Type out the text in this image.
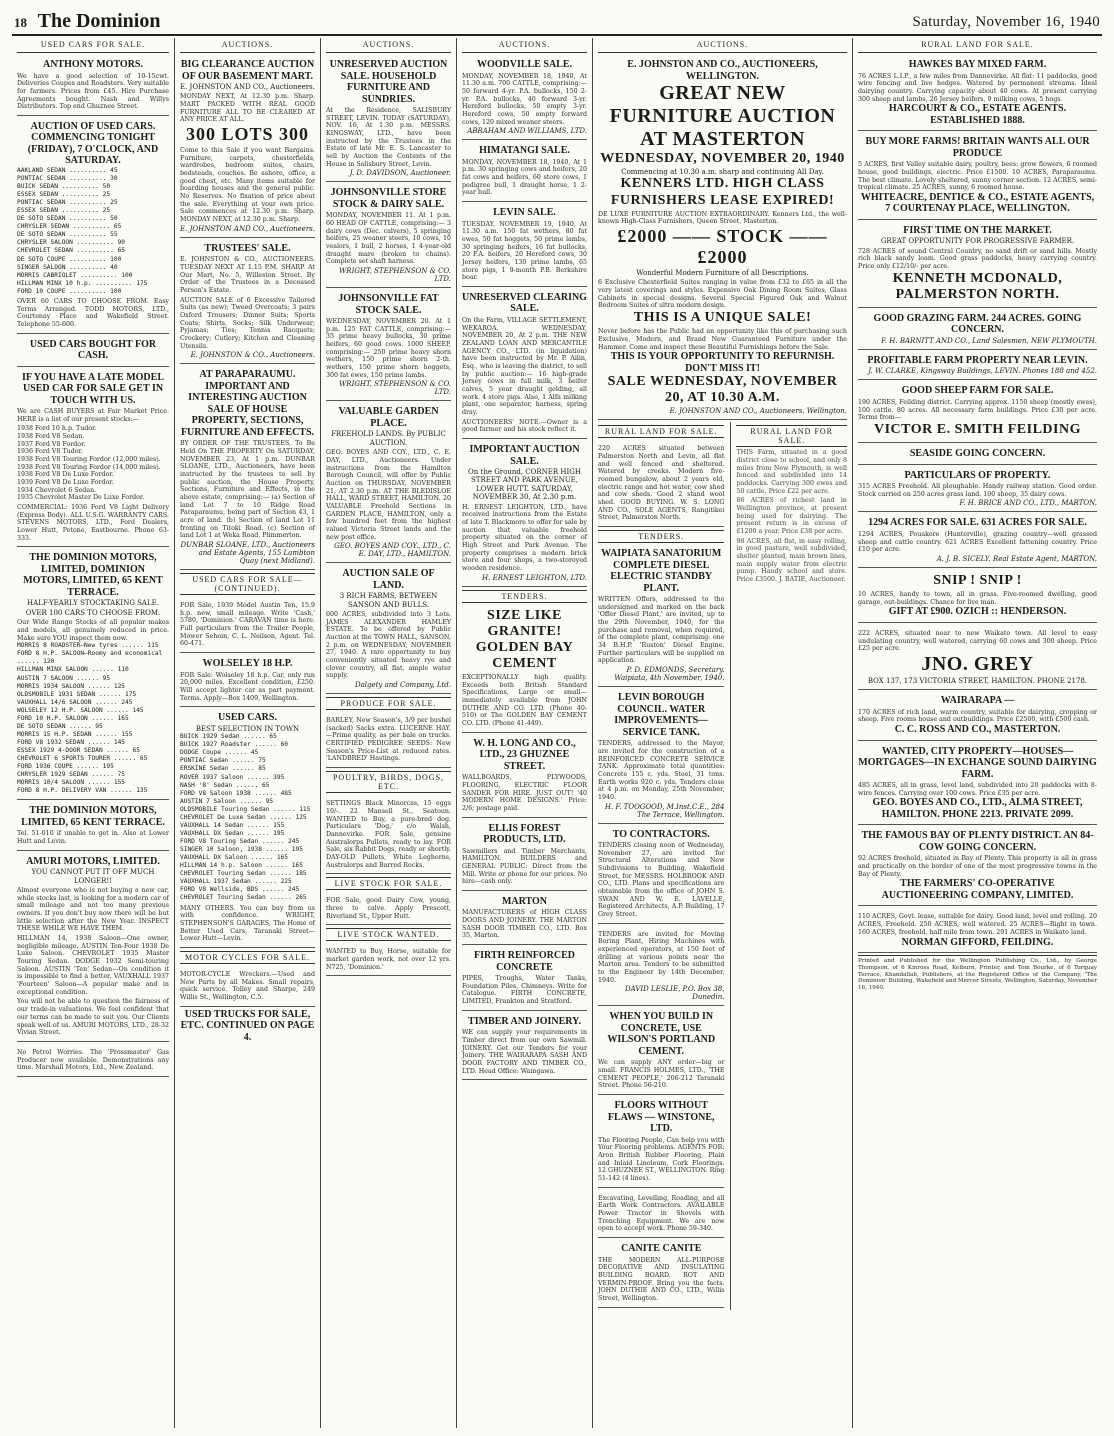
18 The Dominion	Saturday, November 16, 1940
USED CARS FOR SALE.
ANTHONY MOTORS.
We have a good selection of 10-15cwt. Deliveries Coupes and Roadsters. Very suitable for farmers. Prices from £45. Hire Purchase Agreements bought. Nash and Willys Distributors. Top end Ghuznee Street.
AUCTION OF USED CARS. COMMENCING TONIGHT (FRIDAY), 7 O'CLOCK, AND SATURDAY.
AAKLAND SEDAN .......... 45
PONTIAC SEDAN .......... 30
BUICK SEDAN .......... 50
ESSEX SEDAN .......... 25
PONTIAC SEDAN .......... 25
ESSEX SEDAN .......... 25
DE SOTO SEDAN .......... 50
CHRYSLER SEDAN .......... 65
DE SOTO SEDAN .......... 55
CHRYSLER SALOON .......... 90
CHEVROLET SEDAN .......... 65
DE SOTO COUPE .......... 100
SINGER SALOON .......... 40
MORRIS CABRIOLET .......... 100
HILLMAN MINX 10 h.p. .......... 175
FORD 10 COUPE .......... 100
OVER 60 CARS TO CHOOSE FROM. Easy Terms Arranged. TODD MOTORS, LTD., Courtenay Place and Wakefield Street. Telephone 55-600.
USED CARS BOUGHT FOR CASH.
IF YOU HAVE A LATE MODEL USED CAR FOR SALE GET IN TOUCH WITH US.
We are CASH BUYERS at Fair Market Price. HERE is a list of our present stocks:—
1938 Ford 10 h.p. Tudor.
1938 Ford V8 Sedan.
1937 Ford V8 Fordor.
1936 Ford V8 Tudor.
1938 Ford V8 Touring Fordor (12,000 miles).
1938 Ford V8 Touring Fordor (14,000 miles).
1938 Ford V8 De Luxe Fordor.
1939 Ford V8 De Luxe Fordor.
1934 Chevrolet 6 Sedan.
1935 Chevrolet Master De Luxe Fordor.
COMMERCIAL: 1936 Ford V8 Light Delivery (Express Body). ALL U.S.G. WARRANTY CARS. STEVENS MOTORS, LTD., Ford Dealers, Lower Hutt, Petone, Eastbourne. Phone 63-333.
THE DOMINION MOTORS, LIMITED, DOMINION MOTORS, LIMITED, 65 KENT TERRACE.
HALF-YEARLY STOCKTAKING SALE.
OVER 100 CARS TO CHOOSE FROM.
Our Wide Range Stocks of all popular makes and models, all genuinely reduced in price. Make sure YOU inspect them now.
MORRIS 8 ROADSTER—New tyres ...... 115
FORD 8 H.P. SALOON—Roomy and economical ...... 120
HILLMAN MINX SALOON ...... 110
AUSTIN 7 SALOON ...... 95
MORRIS 1934 SALOON ...... 125
OLDSMOBILE 1931 SEDAN ...... 175
VAUXHALL 14/6 SALOON ...... 245
WOLSELEY 12 H.P. SALOON ...... 145
FORD 10 H.P. SALOON ...... 165
DE SOTO SEDAN ...... 95
MORRIS 15 H.P. SEDAN ...... 155
FORD V8 1932 SEDAN ...... 145
ESSEX 1929 4-DOOR SEDAN ...... 65
CHEVROLET 6 SPORTS TOURER ...... 65
FORD 1936 COUPE ...... 195
CHRYSLER 1929 SEDAN ...... 75
MORRIS 10/4 SALOON ...... 155
FORD 8 H.P. DELIVERY VAN ...... 135
THE DOMINION MOTORS, LIMITED, 65 KENT TERRACE.
Tel. 51-010 if unable to get in. Also at Lower Hutt and Levin.
AMURI MOTORS, LIMITED.
YOU CANNOT PUT IT OFF MUCH LONGER!!
Almost everyone who is not buying a new car, while stocks last, is looking for a modern car of small mileage and not too many previous owners. If you don't buy now there will be but little selection after the New Year. INSPECT THESE WHILE WE HAVE THEM.
HILLMAN 14, 1938 Saloon—One owner, negligible mileage. AUSTIN Ten-Four 1938 De Luxe Saloon. CHEVROLET 1935 Master Touring Sedan. DODGE 1932 Semi-touring Saloon. AUSTIN 'Ten' Sedan—On condition it is impossible to find a better. VAUXHALL 1937 'Fourteen' Saloon—A popular make and in exceptional condition.
You will not be able to question the fairness of our trade-in valuations. We feel confident that our terms can be made to suit you. Our Clients speak well of us. AMURI MOTORS, LTD., 28-32 Vivian Street.
No Petrol Worries. The 'Prossmaster' Gas Producer now available. Demonstrations any time. Marshall Motors, Ltd., New Zealand.
AUCTIONS.
BIG CLEARANCE AUCTION OF OUR BASEMENT MART.
E. JOHNSTON AND CO., Auctioneers.
MONDAY NEXT, At 12.30 p.m. Sharp. MART PACKED WITH REAL GOOD FURNITURE ALL TO BE CLEARED AT ANY PRICE AT ALL.
300 LOTS 300
Come to this Sale if you want Bargains. Furniture, carpets, chesterfields, wardrobes, bedroom suites, chairs, bedsteads, couches. Be ashore, office, a good chest, etc. Many items suitable for boarding houses and the general public. No Reserves. No fixation of price about the sale. Everything at your own price. Sale commences at 12.30 p.m. Sharp. MONDAY NEXT, at 12.30 p.m. Sharp.
E. JOHNSTON AND CO., Auctioneers.
TRUSTEES' SALE.
E. JOHNSTON & CO., AUCTIONEERS. TUESDAY NEXT AT 1.15 P.M. SHARP. At Our Mart, No. 5, Willeston Street. By Order of the Trustees in a Deceased Person's Estate.
AUCTION SALE of 6 Excessive Tailored Suits (as new); Tweed Overcoats; 3 pairs Oxford Trousers; Dinner Suits; Sports Coats; Shirts, Socks; Silk Underwear; Pyjamas; Ties; Tennis Racquets; Crockery; Cutlery; Kitchen and Cleaning Utensils.
E. JOHNSTON & CO., Auctioneers.
AT PARAPARAUMU. IMPORTANT AND INTERESTING AUCTION SALE OF HOUSE PROPERTY, SECTIONS, FURNITURE AND EFFECTS.
BY ORDER OF THE TRUSTEES, To Be Held On THE PROPERTY On SATURDAY, NOVEMBER 23, At 1 p.m. DUNBAR SLOANE, LTD., Auctioneers, have been instructed by the trustees to sell by public auction, the House Property, Sections, Furniture and Effects, in the above estate, comprising:— (a) Section of land Lot 7 to 10 Ridge Road Paraparaumu, being part of Section 43, 1 acre of land. (b) Section of land Lot 11 fronting on Titoki Road. (c) Section of land Lot 1 at Weka Road, Plimmerton.
DUNBAR SLOANE, LTD., Auctioneers and Estate Agents, 155 Lambton Quay (next Midland).
USED CARS FOR SALE—(CONTINUED).
FOR Sale, 1939 Model Austin Ten, 15.9 h.p. new, small mileage. Write 'Cash,' 5780, 'Dominion.' CARAVAN time is here. Full particulars from the Trailer People, Mower Sehoin, C. L. Neilson, Agent. Tel. 60-471.
WOLSELEY 18 H.P.
FOR Sale: Wolseley 18 h.p. Car, only run 20,000 miles. Excellent condition, £250. Will accept lighter car as part payment. Terms. Apply—Box 1409, Wellington.
USED CARS.
BEST SELECTION IN TOWN
BUICK 1929 Sedan ...... 65
BUICK 1927 Roadster ...... 60
DODGE Coupe ...... 45
PONTIAC Sedan ...... 75
ERSKINE Sedan ...... 85
ROVER 1937 Saloon ...... 395
NASH '8' Sedan ...... 65
FORD V8 Saloon 1938 ...... 485
AUSTIN 7 Saloon ...... 95
OLDSMOBILE Touring Sedan ...... 115
CHEVROLET De Luxe Sedan ...... 125
VAUXHALL 14 Sedan ...... 155
VAUXHALL DX Sedan ...... 195
FORD V8 Touring Sedan ...... 245
SINGER 10 Saloon, 1938 ...... 195
VAUXHALL DX Saloon ...... 165
HILLMAN 14 h.p. Saloon ...... 165
CHEVROLET Touring Sedan ...... 185
VAUXHALL 1937 Sedan ...... 225
FORD V8 Wellside, BDS ...... 245
CHEVROLET Touring Sedan ...... 265
MANY OTHERS. You can buy from us with confidence. WRIGHT, STEPHENSON'S GARAGES, The Home of Better Used Cars, Taranaki Street—Lower Hutt—Levin.
MOTOR CYCLES FOR SALE.
MOTOR-CYCLE Wreckers.—Used and New Parts by all Makes. Small repairs, quick service. Tolley and Sharpe, 249 Willis St., Wellington, C.5.
USED TRUCKS FOR SALE, ETC. CONTINUED ON PAGE 4.
AUCTIONS.
UNRESERVED AUCTION SALE. HOUSEHOLD FURNITURE AND SUNDRIES.
At the Residence, SALISBURY STREET, LEVIN. TODAY (SATURDAY), NOV. 16, At 1.30 p.m. MESSRS. KINGSWAY, LTD., have been instructed by the Trustees in the Estate of late Mr. E. S. Lancaster to sell by Auction the Contents of the House in Salisbury Street, Levin.
J. D. DAVIDSON, Auctioneer.
JOHNSONVILLE STORE STOCK & DAIRY SALE.
MONDAY, NOVEMBER 11. At 1 p.m. 60 HEAD OF CATTLE, comprising:— 3 dairy cows (Dec. calvers), 5 springing heifers, 25 weaner steers, 10 cows, 10 vealers, 1 bull, 2 horses, 1 4-year-old draught mare (broken to chains). Complete set shaft harness.
WRIGHT, STEPHENSON & CO. LTD.
JOHNSONVILLE FAT STOCK SALE.
WEDNESDAY, NOVEMBER 20. At 1 p.m. 125 FAT CATTLE, comprising:— 35 prime heavy bullocks, 30 prime heifers, 60 good cows. 1000 SHEEP, comprising:— 250 prime heavy shorn wethers, 150 prime shorn 2-th. wethers, 150 prime shorn hoggets, 300 fat ewes, 150 prime lambs.
WRIGHT, STEPHENSON & CO. LTD.
VALUABLE GARDEN PLACE.
FREEHOLD LANDS. By PUBLIC AUCTION.
GEO. BOYES AND COY., LTD., C. E. DAY, LTD., Auctioneers. Under instructions from the Hamilton Borough Council, will offer by Public Auction on THURSDAY, NOVEMBER 21, AT 2.30 p.m. AT THE BLEDISLOE HALL, WARD STREET, HAMILTON. 20 VALUABLE Freehold Sections in GARDEN PLACE, HAMILTON, only a few hundred feet from the highest valued Victoria Street lands and the new post office.
GEO. BOYES AND COY., LTD., C. E. DAY, LTD., HAMILTON.
AUCTION SALE OF LAND.
3 RICH FARMS, BETWEEN SANSON AND BULLS.
600 ACRES, subdivided into 3 Lots. JAMES ALEXANDER HAMLEY ESTATE. To be offered by Public Auction at the TOWN HALL, SANSON, 2 p.m. on WEDNESDAY, NOVEMBER 27, 1940. A rare opportunity to buy conveniently situated heavy rye and clover country, all flat, ample water supply.
Dalgety and Company, Ltd.
PRODUCE FOR SALE.
BARLEY, New Season's, 3/9 per bushel (sacked) Sacks extra. LUCERNE HAY.—Prime quality, as per bale on trucks. CERTIFIED PEDIGREE SEEDS: New Season's Price-List at reduced rates. 'LANDBRED' Hastings.
POULTRY, BIRDS, DOGS, ETC.
SETTINGS Black Minorcas, 15 eggs 10/-. 22 Mansell St., Seatoun. WANTED to Buy, a pure-bred dog. Particulars 'Dog,' c/o Walsh, Dannevirke. FOR Sale, genuine Australorps Pullets, ready to lay. FOR Sale, six Rabbit Dogs, ready or shortly. DAY-OLD Pullets, White Leghorns, Australorps and Barred Rocks.
LIVE STOCK FOR SALE.
FOR Sale, good Dairy Cow, young, three to calve. Apply Prescott, Riverland St., Upper Hutt.
LIVE STOCK WANTED.
WANTED to Buy, Horse, suitable for market garden work, not over 12 yrs. N725, 'Dominion.'
AUCTIONS.
WOODVILLE SALE.
MONDAY, NOVEMBER 18, 1940, At 11.30 a.m. 700 CATTLE, comprising:— 50 forward 4-yr. P.A. bullocks, 150 2-yr. P.A. bullocks, 40 forward 3-yr. Hereford bullocks, 50 empty 3-yr. Hereford cows, 50 empty forward cows, 120 mixed weaner steers.
ABRAHAM AND WILLIAMS, LTD.
HIMATANGI SALE.
MONDAY, NOVEMBER 18, 1940, At 1 p.m. 30 springing cows and heifers, 20 fat cows and heifers, 60 store cows, 1 pedigree bull, 1 draught horse, 1 2-year bull.
LEVIN SALE.
TUESDAY, NOVEMBER 19, 1940, At 11.30 a.m. 150 fat wethers, 80 fat ewes, 50 fat hoggets, 50 prime lambs, 30 springing heifers, 16 fat bullocks, 20 F.A. heifers, 20 Hereford cows, 30 Jersey heifers, 130 prime lambs, 65 store pigs, 1 9-month P.B. Berkshire boar.
UNRESERVED CLEARING SALE.
On the Farm, VILLAGE SETTLEMENT, WEKAROA. WEDNESDAY, NOVEMBER 20, At 2 p.m. THE NEW ZEALAND LOAN AND MERCANTILE AGENCY CO., LTD. (in liquidation) have been instructed by Mr. P. Ailin, Esq., who is leaving the district, to sell by public auction:— 16 high-grade Jersey cows in full milk, 3 heifer calves, 5 year draught gelding, all work. 4 store pigs. Also, 1 Alfa milking plant, one separator, harness, spring dray.
AUCTIONEERS' NOTE.—Owner is a good farmer and his stock reflect it.
IMPORTANT AUCTION SALE.
On the Ground, CORNER HIGH STREET AND PARK AVENUE, LOWER HUTT. SATURDAY, NOVEMBER 30, At 2.30 p.m.
H. ERNEST LEIGHTON, LTD., have received instructions from the Estate of late T. Blackmore to offer for sale by auction that valuable freehold property situated on the corner of High Street and Park Avenue. The property comprises a modern brick store and four shops, a two-storeyed wooden residence.
H. ERNEST LEIGHTON, LTD.
TENDERS.
SIZE LIKE GRANITE! GOLDEN BAY CEMENT
EXCEPTIONALLY high quality. Exceeds both British Standard Specifications, Large or small—immediately available from JOHN DUTHIE AND CO. LTD. (Phone 40-510) or The GOLDEN BAY CEMENT CO. LTD. (Phone 41-449).
W. H. LONG AND CO., LTD., 23 GHUZNEE STREET.
WALLBOARDS, PLYWOODS, FLOORING, ELECTRIC FLOOR SANDER FOR HIRE. JUST OUT! '40 MODERN HOME DESIGNS.' Price: 2/6; postage paid.
ELLIS FOREST PRODUCTS, LTD.
Sawmillers and Timber Merchants, HAMILTON. BUILDERS and GENERAL PUBLIC: Direct from the Mill. Write or phone for our prices. No hire—cash only.
MARTON
MANUFACTURERS of HIGH CLASS DOORS AND JOINERY. THE MARTON SASH DOOR TIMBER CO., LTD. Box 35, Marton.
FIRTH REINFORCED CONCRETE
PIPES, Troughs, Water Tanks, Foundation Piles, Chimneys. Write for Catalogue. FIRTH CONCRETE, LIMITED, Frankton and Stratford.
TIMBER AND JOINERY.
WE can supply your requirements in Timber direct from our own Sawmill. JOINERY. Get our Tenders for your Joinery. THE WAIRARAPA SASH AND DOOR FACTORY AND TIMBER CO., LTD. Head Office: Waingawa.
AUCTIONS.
E. JOHNSTON AND CO., AUCTIONEERS, WELLINGTON.
GREAT NEW FURNITURE AUCTION AT MASTERTON
WEDNESDAY, NOVEMBER 20, 1940
Commencing at 10.30 a.m. sharp and continuing All Day.
KENNERS LTD. HIGH CLASS FURNISHERS LEASE EXPIRED!
DE LUXE FURNITURE AUCTION EXTRAORDINARY. Kenners Ltd., the well-known High-Class Furnishers, Queen Street, Masterton.
£2000 —— STOCK —— £2000
Wonderful Modern Furniture of all Descriptions.
6 Exclusive Chesterfield Suites ranging in value from £32 to £65 in all the very latest coverings and styles. Expensive Oak Dining Room Suites, Glass Cabinets in special designs. Several Special Figured Oak and Walnut Bedroom Suites of ultra modern design.
THIS IS A UNIQUE SALE!
Never before has the Public had an opportunity like this of purchasing such Exclusive, Modern, and Brand New Guaranteed Furniture under the Hammer. Come and inspect these Beautiful Furnishings before the Sale.
THIS IS YOUR OPPORTUNITY TO REFURNISH. DON'T MISS IT!
SALE WEDNESDAY, NOVEMBER 20, AT 10.30 A.M.
E. JOHNSTON AND CO., Auctioneers, Wellington.
RURAL LAND FOR SALE.
220 ACRES situated between Palmerston North and Levin, all flat and well fenced and sheltered. Watered by creeks. Modern five-roomed bungalow, about 2 years old, electric range and hot water, cow shed and cow sheds. Good 2 stand wool shed. GOOD BUYING. W. S. LONG AND CO., SOLE AGENTS, Rangitikei Street, Palmerston North.
TENDERS.
WAIPIATA SANATORIUM COMPLETE DIESEL ELECTRIC STANDBY PLANT.
WRITTEN Offers, addressed to the undersigned and marked on the back 'Offer Diesel Plant,' are invited, up to the 29th November, 1940, for the purchase and removal, when required, of the complete plant, comprising: one 34 B.H.P. 'Ruston' Diesel Engine. Further particulars will be supplied on application.
P. D. EDMONDS, Secretary. Waipiata, 4th November, 1940.
LEVIN BOROUGH COUNCIL. WATER IMPROVEMENTS— SERVICE TANK.
TENDERS, addressed to the Mayor, are invited for the construction of a REINFORCED CONCRETE SERVICE TANK. Approximate total quantities: Concrete 155 c. yds. Steel, 31 tons. Earth works 920 c. yds. Tenders close at 4 p.m. on Monday, 25th November, 1940.
H. F. TOOGOOD, M.Inst.C.E., 284 The Terrace, Wellington.
TO CONTRACTORS.
TENDERS closing noon of Wednesday, November 27, are invited for Structural Alterations and New Subdivisions to Building, Wakefield Street, for MESSRS. HOLBROOK AND CO., LTD. Plans and specifications are obtainable from the office of JOHN S. SWAN AND W. E. LAVELLE, Registered Architects, A.P. Building, 17 Grey Street.
TENDERS are invited for Moving Boring Plant, Hiring Machines with experienced operators, at 150 feet of drilling at various points near the Marton area. Tenders to be submitted to the Engineer by 14th December, 1940.
DAVID LESLIE, P.O. Box 38, Dunedin.
WHEN YOU BUILD IN CONCRETE, USE WILSON'S PORTLAND CEMENT.
We can supply ANY order—big or small. FRANCIS HOLMES, LTD., 'THE CEMENT PEOPLE,' 206-212 Taranaki Street. Phone 56-210.
FLOORS WITHOUT FLAWS — WINSTONE, LTD.
The Flooring People, Can help you with Your Flooring problems. AGENTS FOR: Aron British Rubber Flooring, Plain and Inlaid Linoleum, Cork Floorings. 12 GHUZNEE ST., WELLINGTON. Ring 51-142 (4 lines).
Excavating, Levelling, Roading, and all Earth Work Contractors. AVAILABLE Power Tractor in Shovels with Trenching Equipment. We are now open to accept work. Phone 59-340.
CANITE CANITE
THE MODERN ALL-PURPOSE DECORATIVE AND INSULATING BUILDING BOARD. ROT AND VERMIN-PROOF. Bring you the facts. JOHN DUTHIE AND CO., LTD., Willis Street, Wellington.
RURAL LAND FOR SALE.
THIS Farm, situated in a good district close to school, and only 8 miles from New Plymouth, is well fenced and subdivided into 14 paddocks. Carrying 300 ewes and 50 cattle. Price £22 per acre.
86 ACRES of richest land in Wellington province, at present being used for dairying. The present return is in excess of £1200 a year. Price £38 per acre.
98 ACRES, all flat, in easy rolling, in good pasture, well subdivided, shelter planted, main brown lines, main supply water from electric pump. Handy school and store. Price £3500. J. BATIE, Auctioneer.
RURAL LAND FOR SALE.
HAWKES BAY MIXED FARM.
76 ACRES L.I.P., a few miles from Dannevirke. All flat: 11 paddocks, good wire fencing and live hedges. Watered by permanent streams. Ideal dairying country. Carrying capacity about 40 cows. At present carrying 300 sheep and lambs, 26 Jersey heifers, 9 milking cows, 5 hogs.
HARCOURT & CO., ESTATE AGENTS. ESTABLISHED 1888.
BUY MORE FARMS! BRITAIN WANTS ALL OUR PRODUCE
5 ACRES, first Valley suitable dairy, poultry, bees: grow flowers, 6 roomed house, good buildings, electric. Price £1500. 10 ACRES, Paraparaumu. The best climate. Lovely sheltered, sunny corner section. 12 ACRES, semi-tropical climate. 25 ACRES, sunny, 6 roomed house.
WHITEACRE, DENTICE & CO., ESTATE AGENTS, 7 COURTENAY PLACE, WELLINGTON.
FIRST TIME ON THE MARKET.
GREAT OPPORTUNITY FOR PROGRESSIVE FARMER.
728 ACRES of sound Central Country, no sand drift or sand hills. Mostly rich black sandy loam. Good grass paddocks, heavy carrying country. Price only £12/10/- per acre.
KENNETH MCDONALD, PALMERSTON NORTH.
GOOD GRAZING FARM. 244 ACRES. GOING CONCERN.
F. H. BARNITT AND CO., Land Salesmen, NEW PLYMOUTH.
PROFITABLE FARM PROPERTY NEAR LEVIN.
J. W. CLARKE, Kingsway Buildings, LEVIN. Phones 188 and 452.
GOOD SHEEP FARM FOR SALE.
190 ACRES, Feilding district. Carrying approx. 1150 sheep (mostly ewes), 100 cattle. 80 acres. All necessary farm buildings. Price £30 per acre. Terms from—
VICTOR E. SMITH FEILDING
SEASIDE GOING CONCERN.
PARTICULARS OF PROPERTY.
315 ACRES Freehold. All ploughable. Handy railway station. Good order. Stock carried on 250 acres grass land. 100 sheep, 35 dairy cows.
F. H. BRICE AND CO., LTD., MARTON.
1294 ACRES FOR SALE. 631 ACRES FOR SALE.
1294 ACRES, Pouakere (Hunterville), grazing country—well grassed sheep and cattle country. 621 ACRES Excellent fattening country. Price £10 per acre.
A. J. B. SICELY, Real Estate Agent, MARTON.
SNIP ! SNIP !
10 ACRES, handy to town, all in grass. Five-roomed dwelling, good garage, out-buildings. Chance for live man.
GIFT AT £900. OZICH :: HENDERSON.
222 ACRES, situated near to new Waikato town. All level to easy undulating country, well watered, carrying 60 cows and 300 sheep. Price £25 per acre.
JNO. GREY
BOX 137, 173 VICTORIA STREET, HAMILTON. PHONE 2178.
WAIRARAPA —
170 ACRES of rich land, warm country, suitable for dairying, cropping or sheep. Five rooms house and outbuildings. Price £2500, with £500 cash.
C. C. ROSS AND CO., MASTERTON.
WANTED, CITY PROPERTY—HOUSES—MORTGAGES—IN EXCHANGE SOUND DAIRYING FARM.
485 ACRES, all in grass, level land, subdivided into 20 paddocks with 8-wire fences. Carrying over 100 cows. Price £35 per acre.
GEO. BOYES AND CO., LTD., ALMA STREET, HAMILTON. PHONE 2213. PRIVATE 2099.
THE FAMOUS BAY OF PLENTY DISTRICT. AN 84-COW GOING CONCERN.
92 ACRES freehold, situated in Bay of Plenty. This property is all in grass and practically on the border of one of the most progressive towns in the Bay of Plenty.
THE FARMERS' CO-OPERATIVE AUCTIONEERING COMPANY, LIMITED.
110 ACRES, Govt. lease, suitable for dairy. Good land, level and rolling. 20 ACRES, Freehold. 250 ACRES, well watered. 25 ACRES—Right in town. 160 ACRES, freehold, half mile from town. 291 ACRES in Waikato land.
NORMAN GIFFORD, FEILDING.
Printed and Published for the Wellington Publishing Co., Ltd., by George Thompson, of 6 Kinross Road, Kelburn, Printer, and Tom Bourke, of 6 Torquay Terrace, Khandallah, Publishers, at the Registered Office of the Company, 'The Dominion' Building, Wakefield and Mercer Streets, Wellington, Saturday, November 16, 1940.
